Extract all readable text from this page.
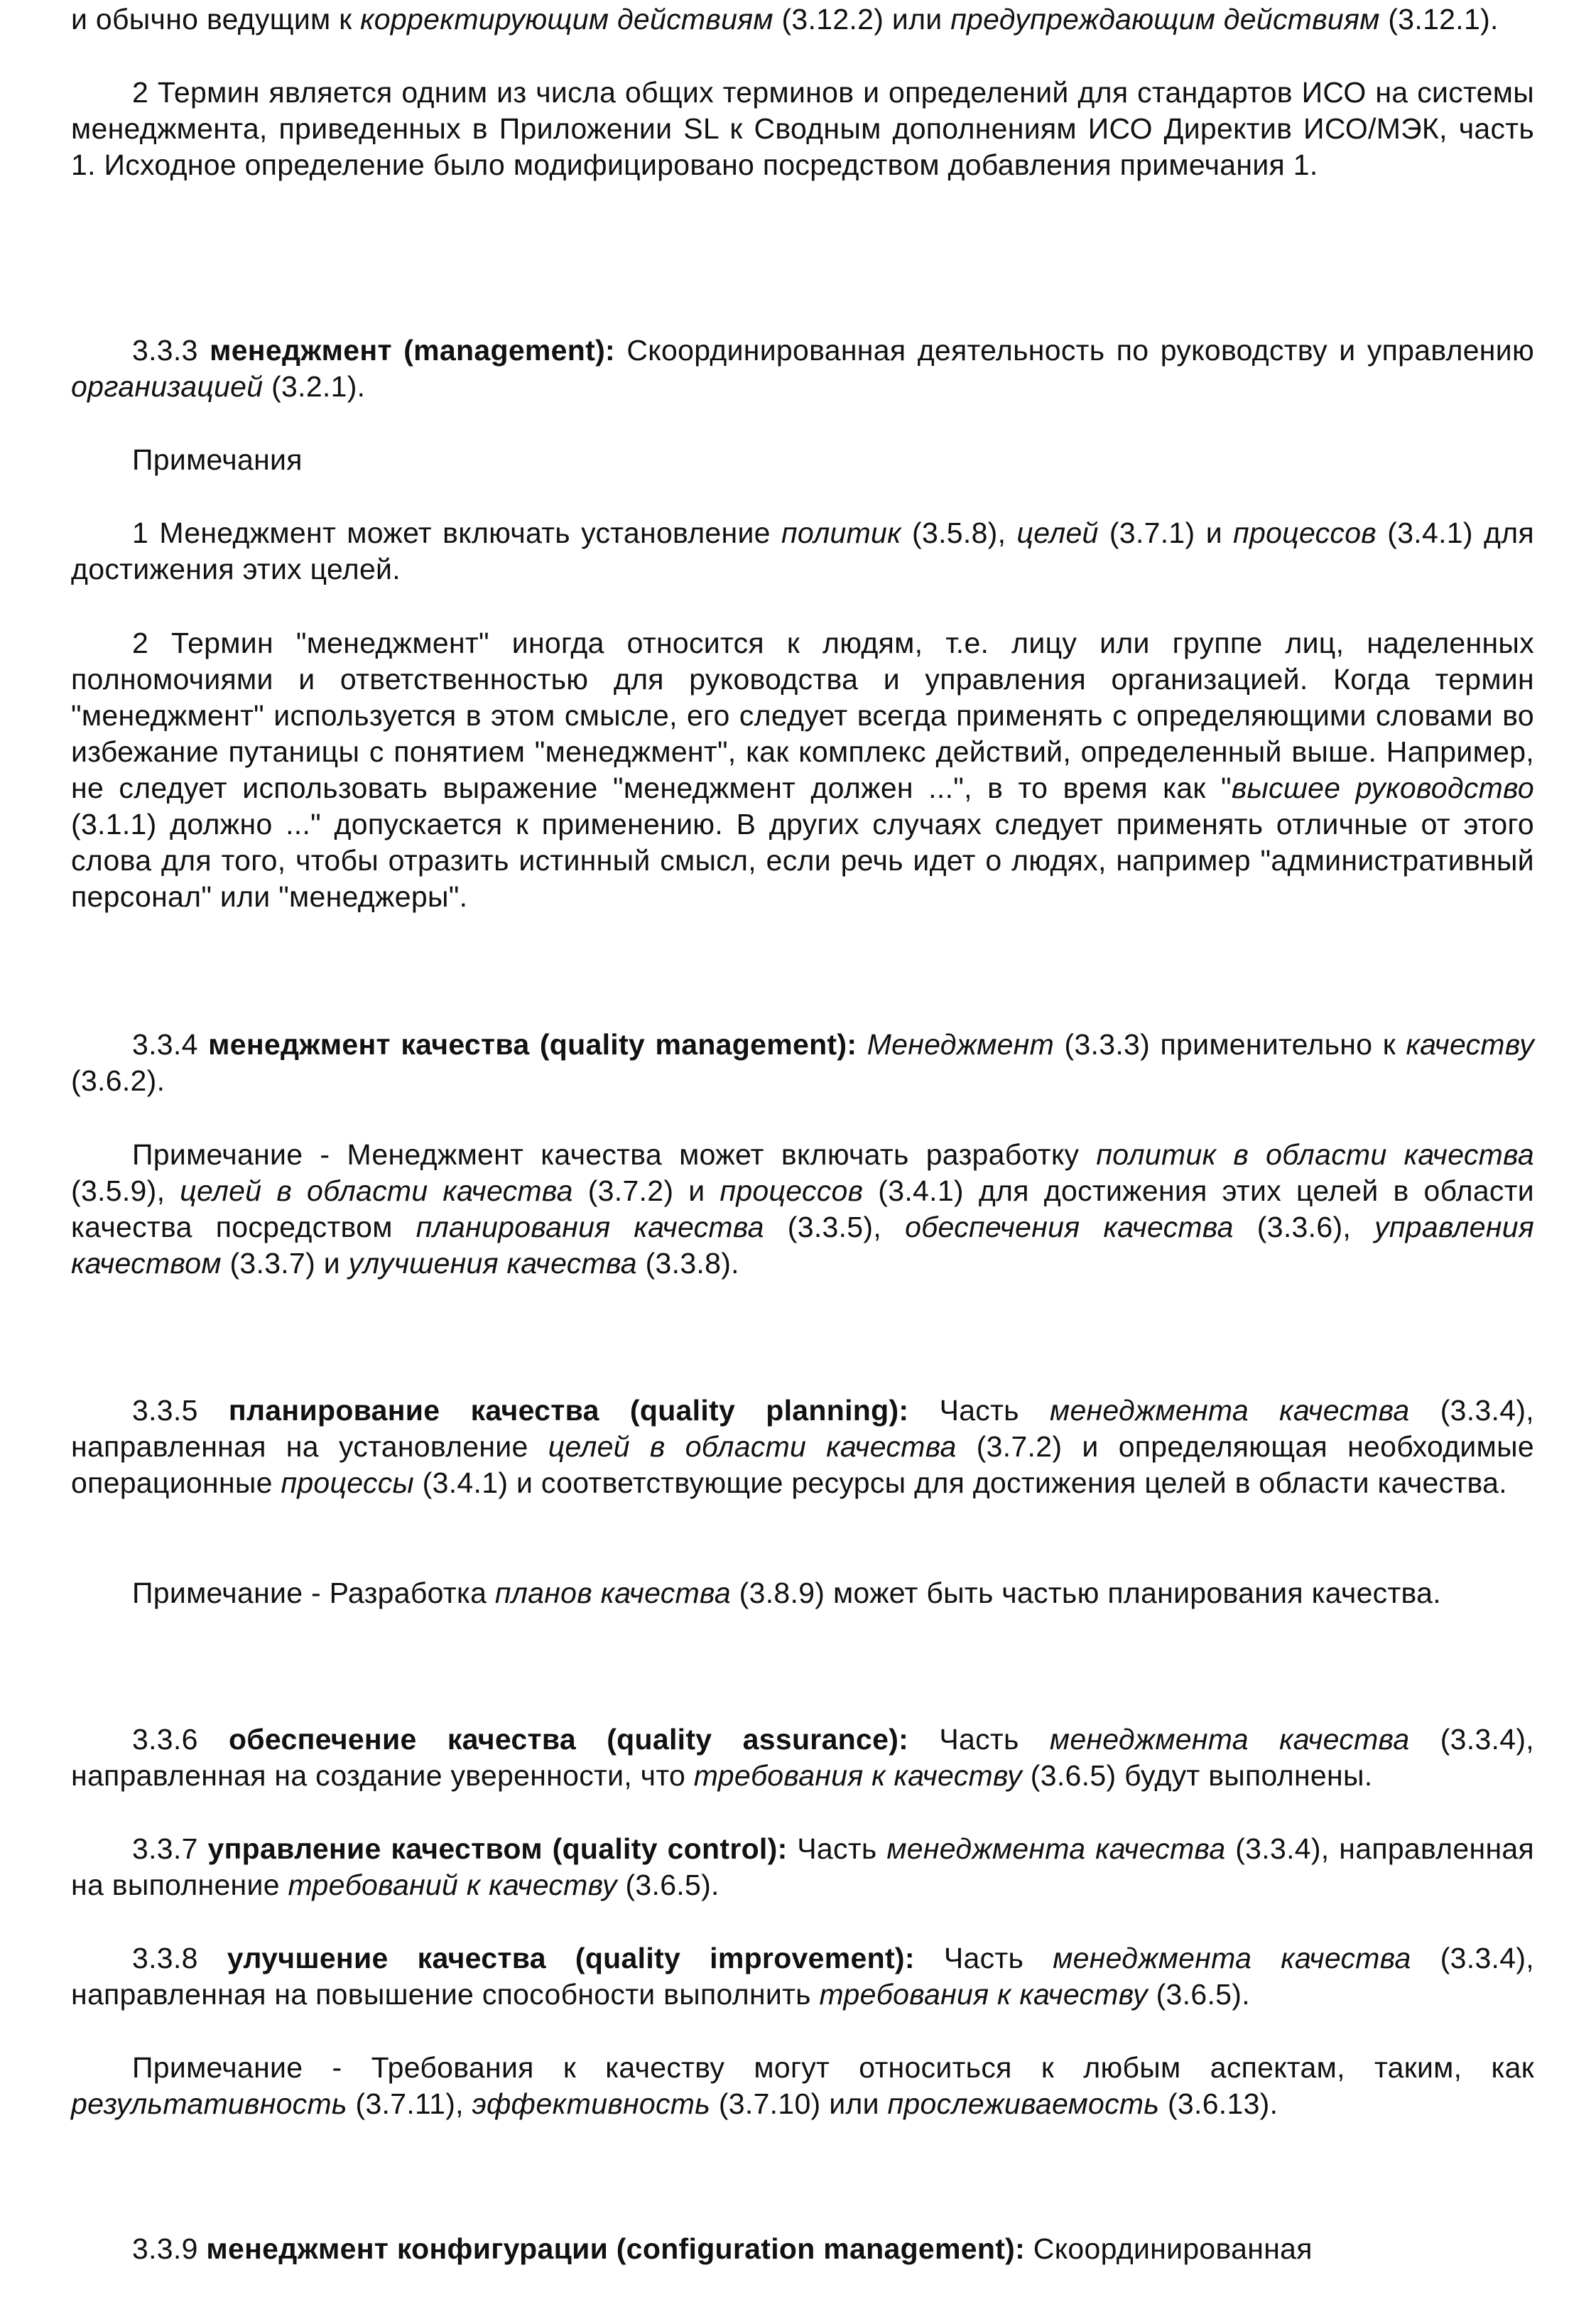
и обычно ведущим к корректирующим действиям (3.12.2) или предупреждающим действиям (3.12.1).

2 Термин является одним из числа общих терминов и определений для стандартов ИСО на системы менеджмента, приведенных в Приложении SL к Сводным дополнениям ИСО Директив ИСО/МЭК, часть 1. Исходное определение было модифицировано посредством добавления примечания 1.

3.3.3 менеджмент (management): Скоординированная деятельность по руководству и управлению организацией (3.2.1).

Примечания

1 Менеджмент может включать установление политик (3.5.8), целей (3.7.1) и процессов (3.4.1) для достижения этих целей.

2 Термин "менеджмент" иногда относится к людям, т.е. лицу или группе лиц, наделенных полномочиями и ответственностью для руководства и управления организацией. Когда термин "менеджмент" используется в этом смысле, его следует всегда применять с определяющими словами во избежание путаницы с понятием "менеджмент", как комплекс действий, определенный выше. Например, не следует использовать выражение "менеджмент должен ...", в то время как "высшее руководство (3.1.1) должно ..." допускается к применению. В других случаях следует применять отличные от этого слова для того, чтобы отразить истинный смысл, если речь идет о людях, например "административный персонал" или "менеджеры".

3.3.4 менеджмент качества (quality management): Менеджмент (3.3.3) применительно к качеству (3.6.2).

Примечание - Менеджмент качества может включать разработку политик в области качества (3.5.9), целей в области качества (3.7.2) и процессов (3.4.1) для достижения этих целей в области качества посредством планирования качества (3.3.5), обеспечения качества (3.3.6), управления качеством (3.3.7) и улучшения качества (3.3.8).

3.3.5 планирование качества (quality planning): Часть менеджмента качества (3.3.4), направленная на установление целей в области качества (3.7.2) и определяющая необходимые операционные процессы (3.4.1) и соответствующие ресурсы для достижения целей в области качества.

Примечание - Разработка планов качества (3.8.9) может быть частью планирования качества.

3.3.6 обеспечение качества (quality assurance): Часть менеджмента качества (3.3.4), направленная на создание уверенности, что требования к качеству (3.6.5) будут выполнены.

3.3.7 управление качеством (quality control): Часть менеджмента качества (3.3.4), направленная на выполнение требований к качеству (3.6.5).

3.3.8 улучшение качества (quality improvement): Часть менеджмента качества (3.3.4), направленная на повышение способности выполнить требования к качеству (3.6.5).

Примечание - Требования к качеству могут относиться к любым аспектам, таким, как результативность (3.7.11), эффективность (3.7.10) или прослеживаемость (3.6.13).

3.3.9 менеджмент конфигурации (configuration management): Скоординированная
